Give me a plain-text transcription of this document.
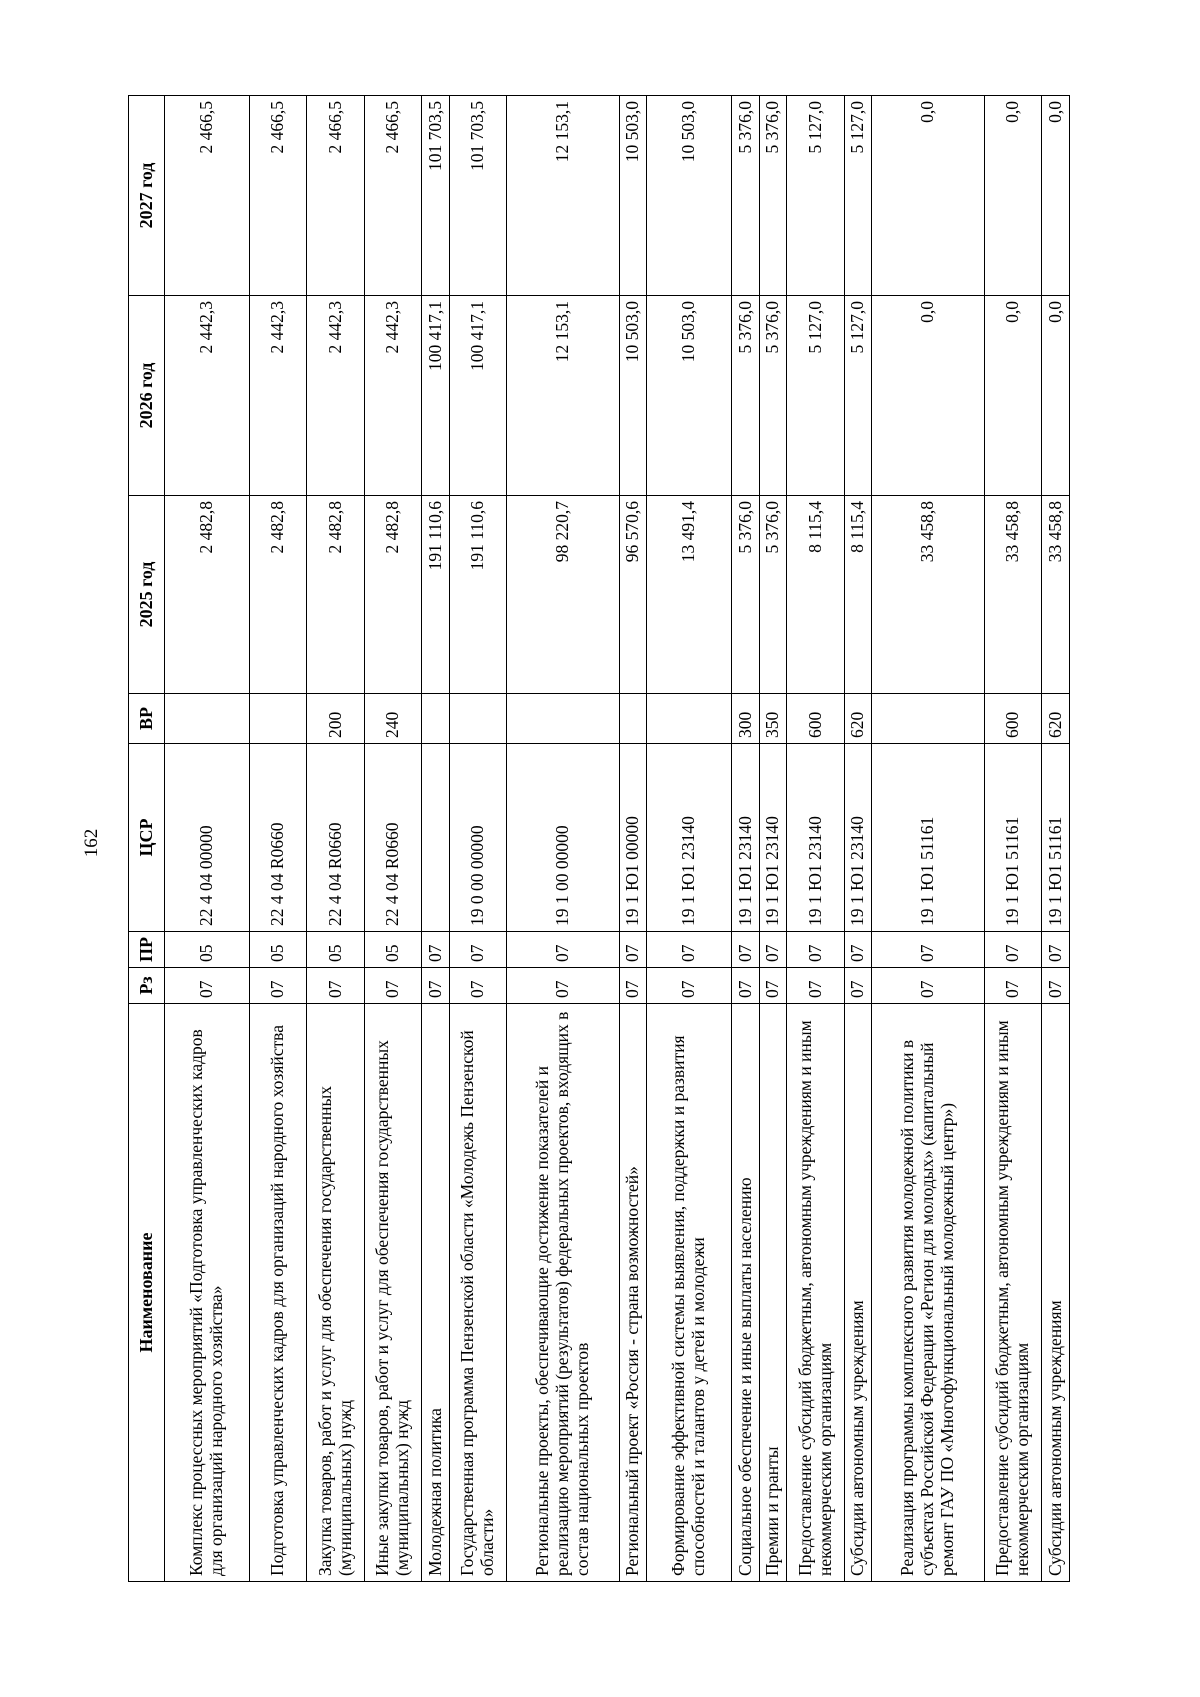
162
Наименование	Рз	ПР	ЦСР	ВР	2025 год	2026 год	2027 год
Комплекс процессных мероприятий «Подготовка управленческих кадров для организаций народного хозяйства»	07	05	22 4 04 00000		2 482,8	2 442,3	2 466,5
Подготовка управленческих кадров для организаций народного хозяйства	07	05	22 4 04 R0660		2 482,8	2 442,3	2 466,5
Закупка товаров, работ и услуг для обеспечения государственных (муниципальных) нужд	07	05	22 4 04 R0660	200	2 482,8	2 442,3	2 466,5
Иные закупки товаров, работ и услуг для обеспечения государственных (муниципальных) нужд	07	05	22 4 04 R0660	240	2 482,8	2 442,3	2 466,5
Молодежная политика	07	07			191 110,6	100 417,1	101 703,5
Государственная программа Пензенской области «Молодежь Пензенской области»	07	07	19 0 00 00000		191 110,6	100 417,1	101 703,5
Региональные проекты, обеспечивающие достижение показателей и реализацию мероприятий (результатов) федеральных проектов, входящих в состав национальных проектов	07	07	19 1 00 00000		98 220,7	12 153,1	12 153,1
Региональный проект «Россия - страна возможностей»	07	07	19 1 Ю1 00000		96 570,6	10 503,0	10 503,0
Формирование эффективной системы выявления, поддержки и развития способностей и талантов у детей и молодежи	07	07	19 1 Ю1 23140		13 491,4	10 503,0	10 503,0
Социальное обеспечение и иные выплаты населению	07	07	19 1 Ю1 23140	300	5 376,0	5 376,0	5 376,0
Премии и гранты	07	07	19 1 Ю1 23140	350	5 376,0	5 376,0	5 376,0
Предоставление субсидий бюджетным, автономным учреждениям и иным некоммерческим организациям	07	07	19 1 Ю1 23140	600	8 115,4	5 127,0	5 127,0
Субсидии автономным учреждениям	07	07	19 1 Ю1 23140	620	8 115,4	5 127,0	5 127,0
Реализация программы комплексного развития молодежной политики в субъектах Российской Федерации «Регион для молодых» (капитальный ремонт ГАУ ПО «Многофункциональный молодежный центр»)	07	07	19 1 Ю1 51161		33 458,8	0,0	0,0
Предоставление субсидий бюджетным, автономным учреждениям и иным некоммерческим организациям	07	07	19 1 Ю1 51161	600	33 458,8	0,0	0,0
Субсидии автономным учреждениям	07	07	19 1 Ю1 51161	620	33 458,8	0,0	0,0
